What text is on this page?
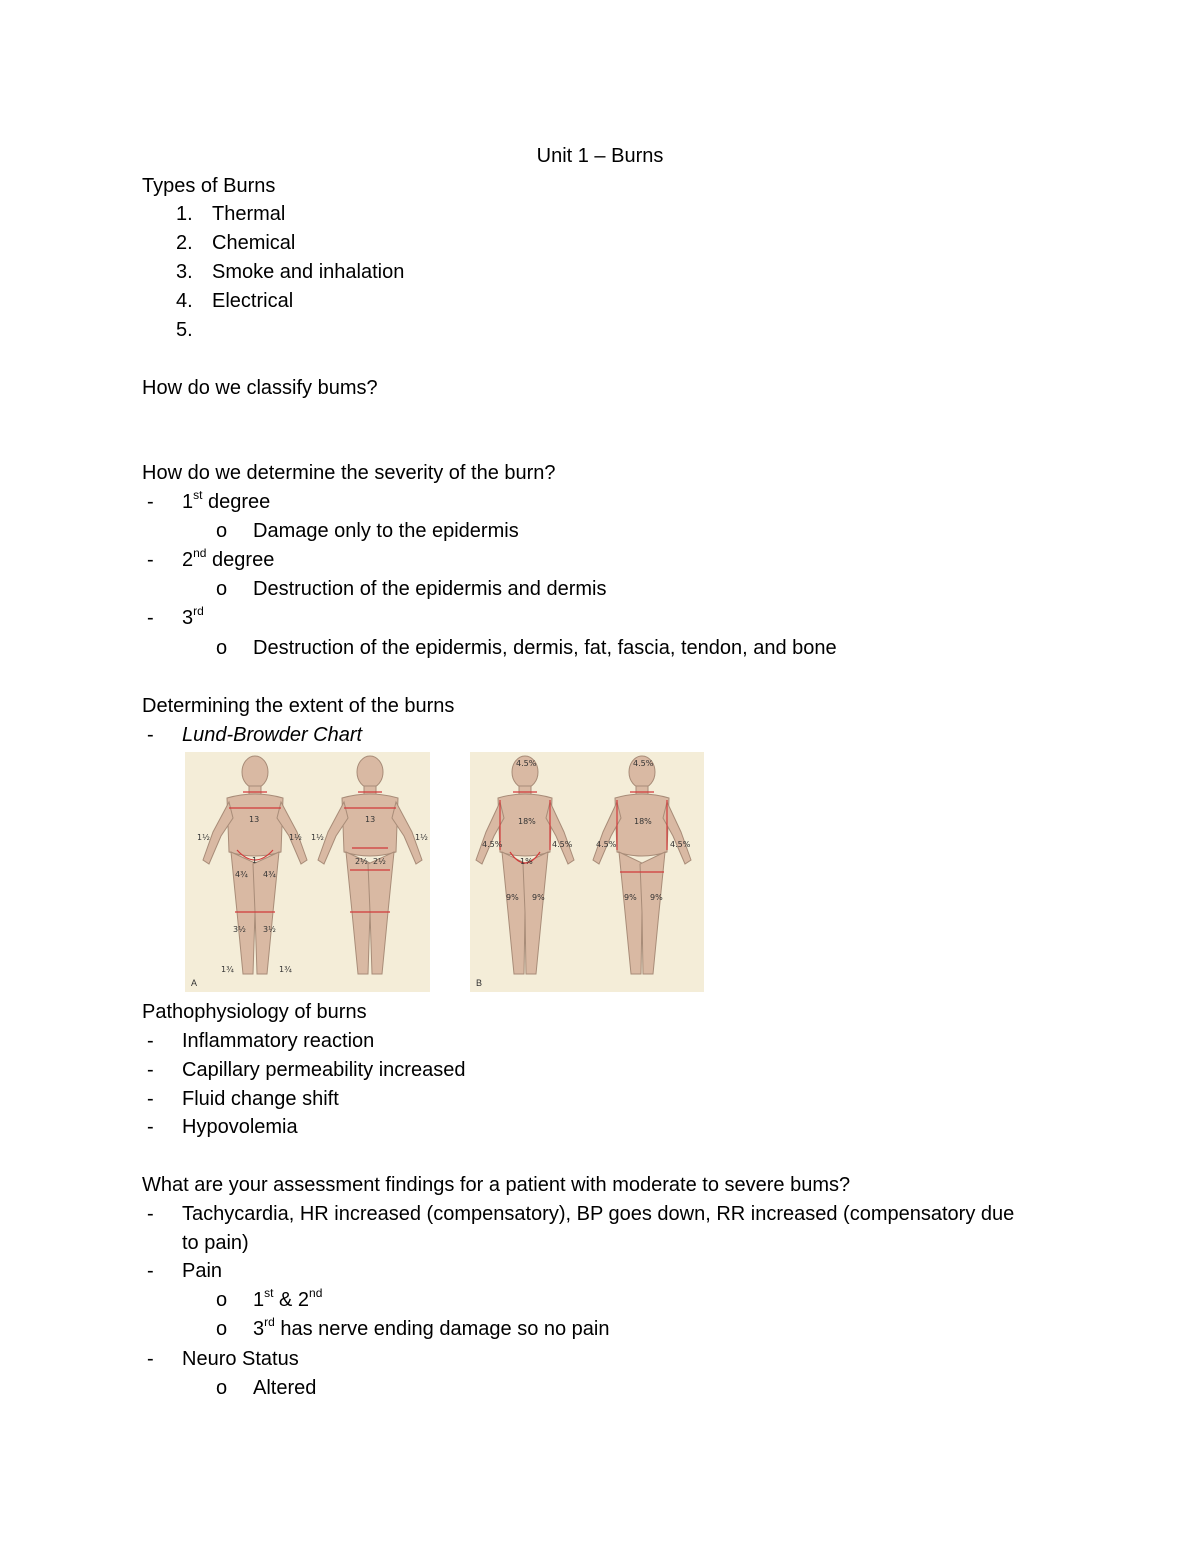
Unit 1 – Burns
Types of Burns
1. Thermal
2. Chemical
3. Smoke and inhalation
4. Electrical
5.
How do we classify bums?
How do we determine the severity of the burn?
- 1st degree
o Damage only to the epidermis
- 2nd degree
o Destruction of the epidermis and dermis
- 3rd
o Destruction of the epidermis, dermis, fat, fascia, tendon, and bone
Determining the extent of the burns
- Lund-Browder Chart
13	13
1½	1½ 1½	1½
1	2½ 2½
4¾ 4¾
3½ 3½
1¾	1¾
A
4.5%	4.5%
18%	18%
4.5%	4.5%	4.5%	4.5%
1%
9% 9%	9% 9%
B
Pathophysiology of burns
- Inflammatory reaction
- Capillary permeability increased
- Fluid change shift
- Hypovolemia
What are your assessment findings for a patient with moderate to severe bums?
- Tachycardia, HR increased (compensatory), BP goes down, RR increased (compensatory due
to pain)
- Pain
o 1st & 2nd
o 3rd has nerve ending damage so no pain
- Neuro Status
o Altered
